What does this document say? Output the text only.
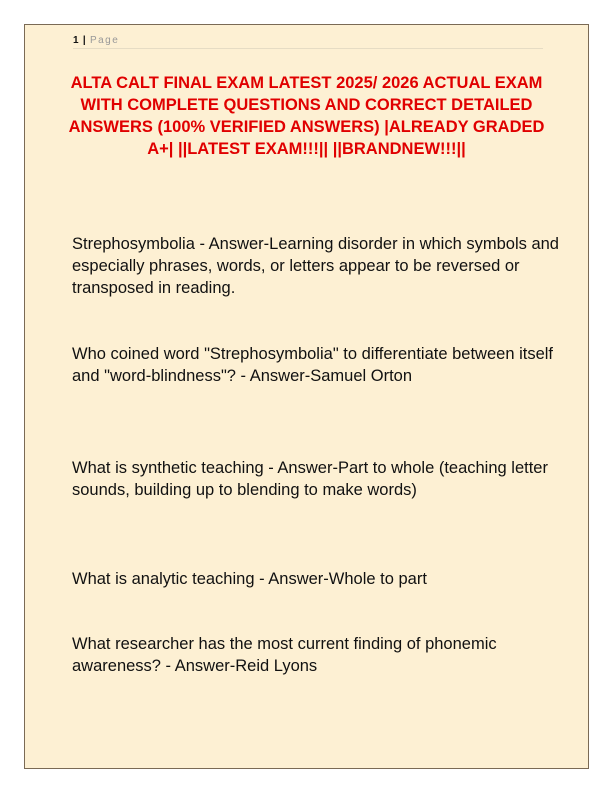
1 | Page
ALTA CALT FINAL EXAM LATEST 2025/ 2026 ACTUAL EXAM WITH COMPLETE QUESTIONS AND CORRECT DETAILED ANSWERS (100% VERIFIED ANSWERS) |ALREADY GRADED A+| ||LATEST EXAM!!!|| ||BRANDNEW!!!||
Strephosymbolia - Answer-Learning disorder in which symbols and especially phrases, words, or letters appear to be reversed or transposed in reading.
Who coined word "Strephosymbolia" to differentiate between itself and "word-blindness"? - Answer-Samuel Orton
What is synthetic teaching - Answer-Part to whole (teaching letter sounds, building up to blending to make words)
What is analytic teaching - Answer-Whole to part
What researcher has the most current finding of phonemic awareness? - Answer-Reid Lyons
